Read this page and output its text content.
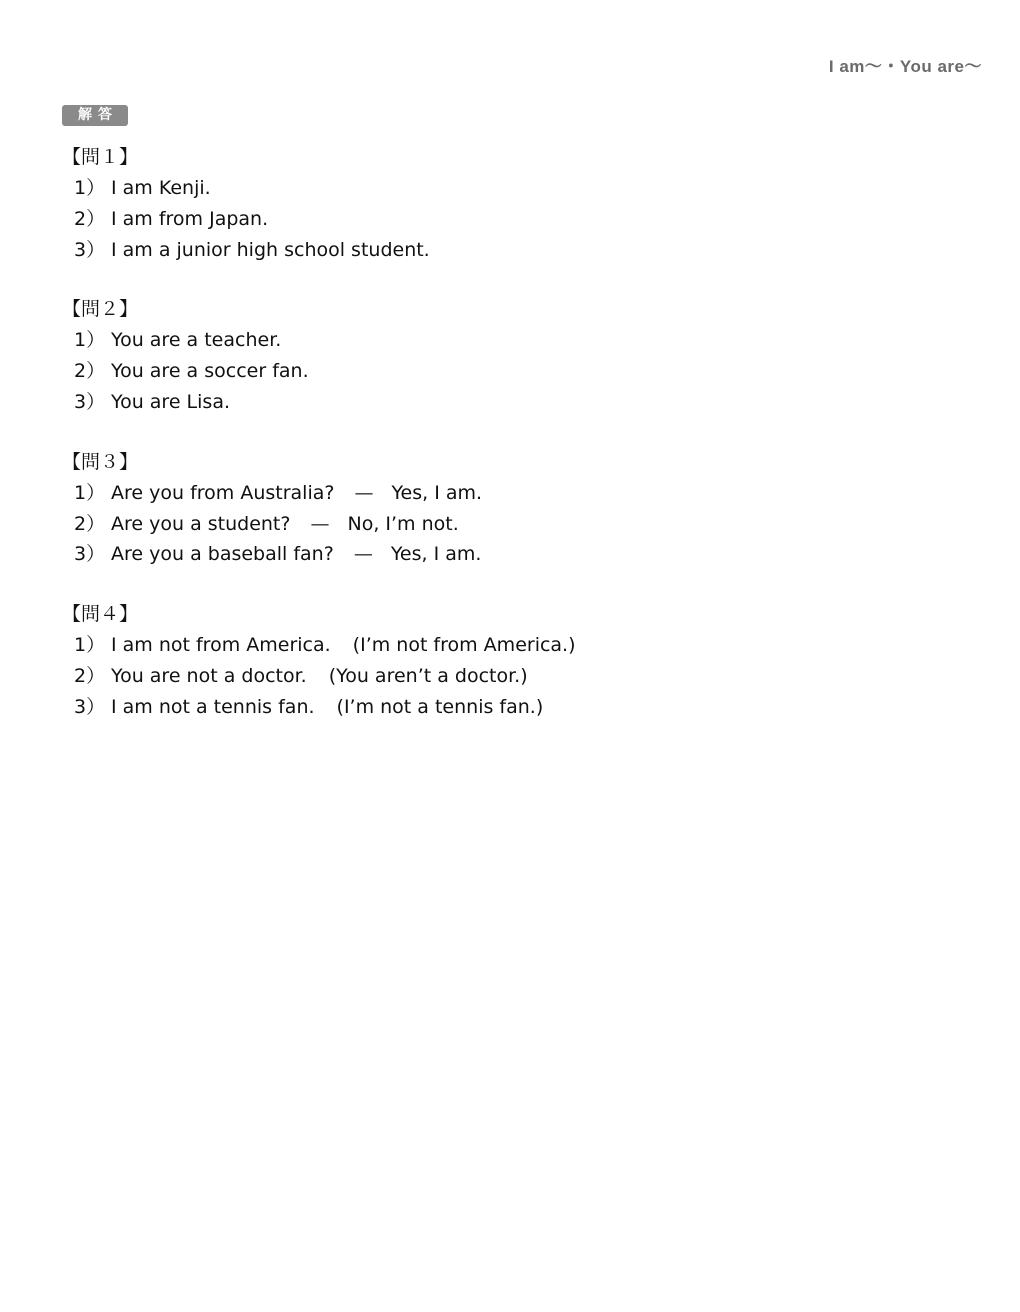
I am〜・You are〜
解答
【問１】
1） I am Kenji.
2） I am from Japan.
3） I am a junior high school student.
【問２】
1） You are a teacher.
2） You are a soccer fan.
3） You are Lisa.
【問３】
1） Are you from Australia? — Yes, I am.
2） Are you a student? — No, I’m not.
3） Are you a baseball fan? — Yes, I am.
【問４】
1） I am not from America. (I’m not from America.)
2） You are not a doctor. (You aren’t a doctor.)
3） I am not a tennis fan. (I’m not a tennis fan.)
